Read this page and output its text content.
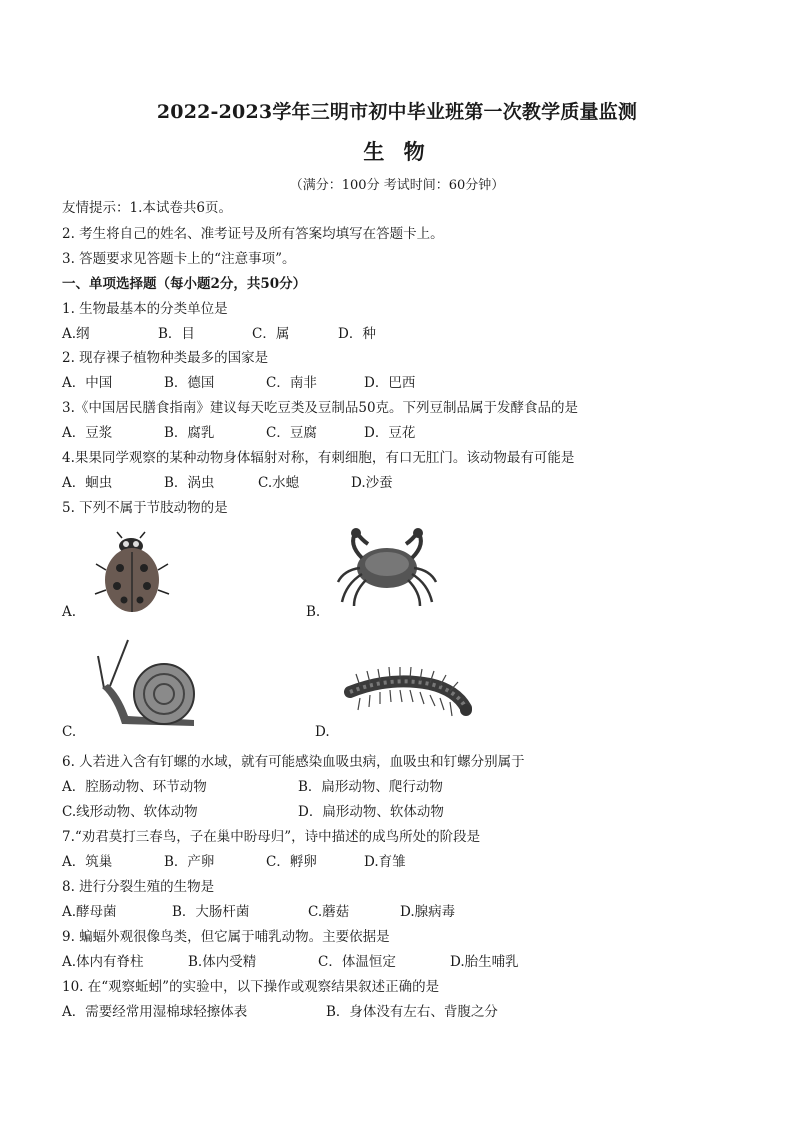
2022-2023学年三明市初中毕业班第一次教学质量监测
生 物
（满分：100分 考试时间：60分钟）
友情提示：1.本试卷共6页。
2. 考生将自己的姓名、准考证号及所有答案均填写在答题卡上。
3. 答题要求见答题卡上的“注意事项”。
一、单项选择题（每小题2分，共50分）
1. 生物最基本的分类单位是
A.纲	B．目	C．属	D．种
2. 现存裸子植物种类最多的国家是
A．中国	B．德国	C．南非	D．巴西
3.《中国居民膳食指南》建议每天吃豆类及豆制品50克。下列豆制品属于发酵食品的是
A．豆浆	B．腐乳	C．豆腐	D．豆花
4.果果同学观察的某种动物身体辐射对称，有刺细胞，有口无肛门。该动物最有可能是
A．蛔虫	B．涡虫	C.水螅	D.沙蚕
5. 下列不属于节肢动物的是
A.	B.
C.	D.
6. 人若进入含有钉螺的水域，就有可能感染血吸虫病，血吸虫和钉螺分别属于
A．腔肠动物、环节动物	B．扁形动物、爬行动物
C.线形动物、软体动物	D．扁形动物、软体动物
7.“劝君莫打三春鸟，子在巢中盼母归”，诗中描述的成鸟所处的阶段是
A．筑巢	B．产卵	C．孵卵	D.育雏
8. 进行分裂生殖的生物是
A.酵母菌	B．大肠杆菌	C.蘑菇	D.腺病毒
9. 蝙蝠外观很像鸟类，但它属于哺乳动物。主要依据是
A.体内有脊柱	B.体内受精	C．体温恒定	D.胎生哺乳
10. 在“观察蚯蚓”的实验中，以下操作或观察结果叙述正确的是
A．需要经常用湿棉球轻擦体表	B．身体没有左右、背腹之分
